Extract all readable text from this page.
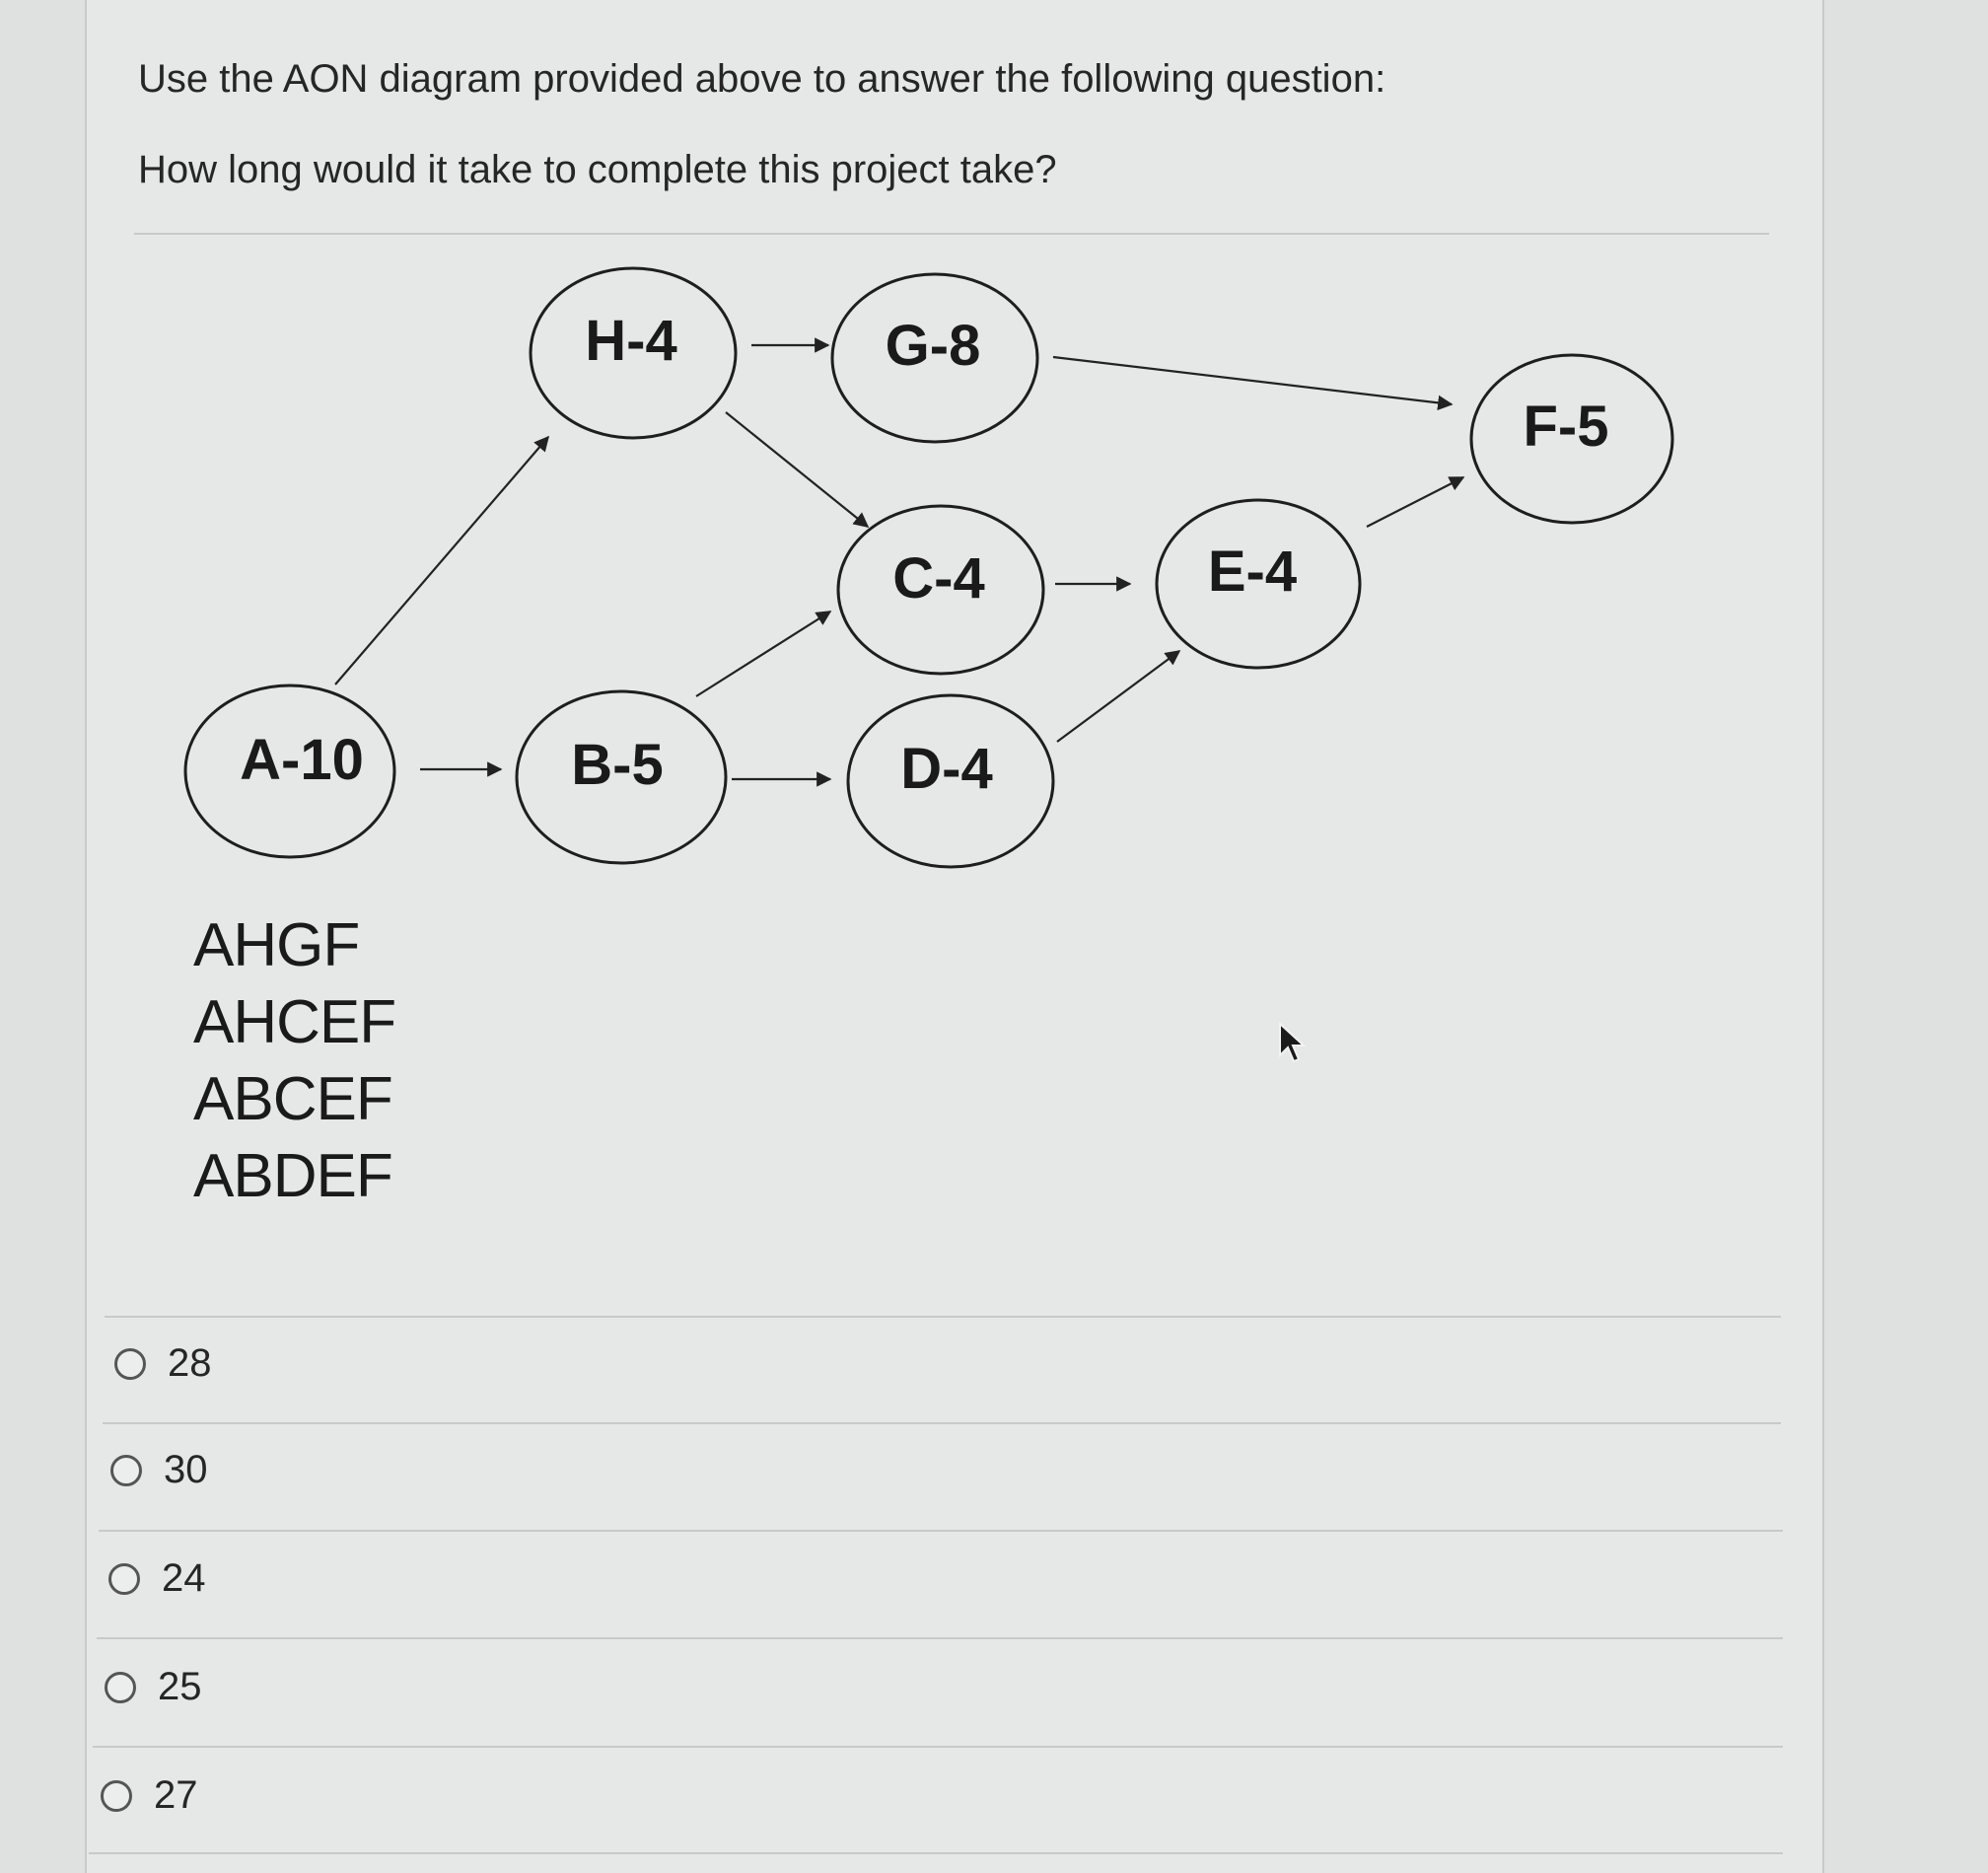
Use the AON diagram provided above to answer the following question:

How long would it take to complete this project take?

H-4	G-8
F-5
C-4	E-4
A-10	B-5	D-4
AHGF
AHCEF
ABCEF
ABDEF
28
30
24
25
27
